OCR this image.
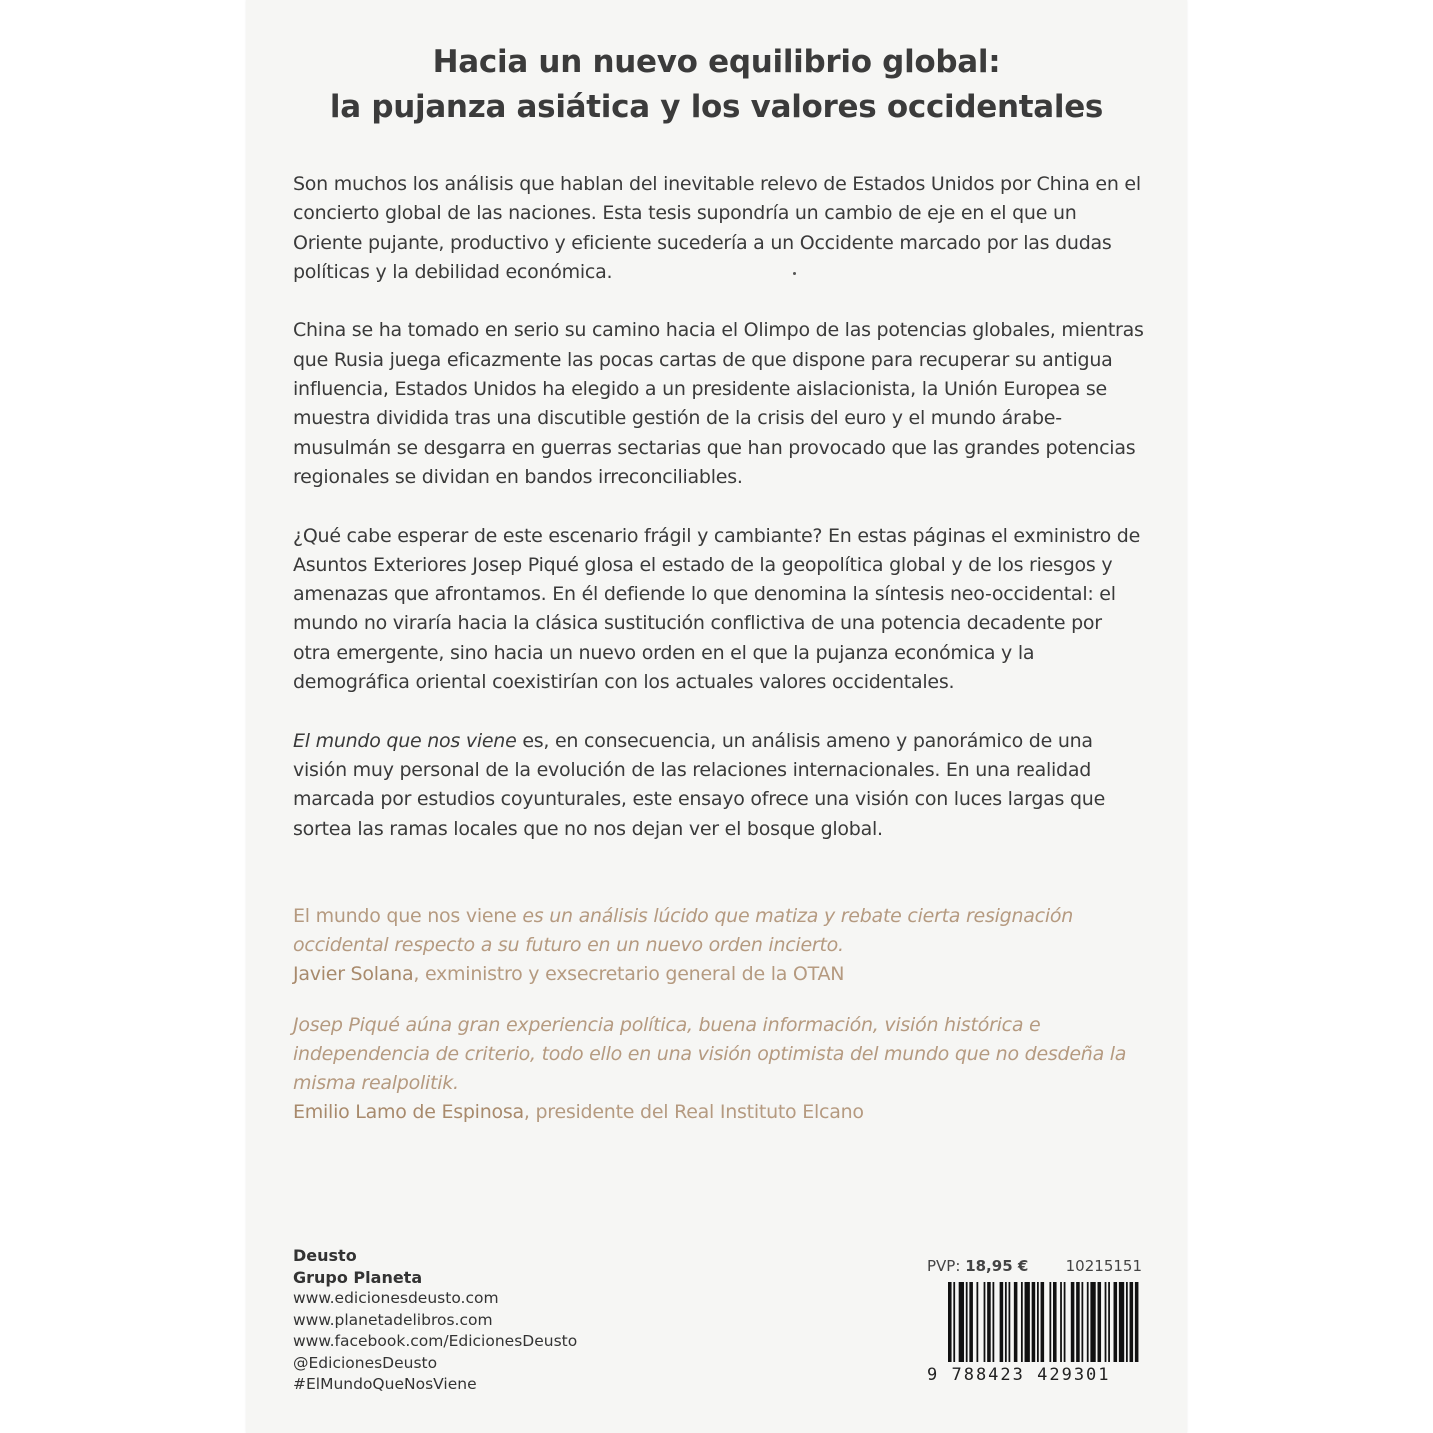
Hacia un nuevo equilibrio global:
la pujanza asiática y los valores occidentales

Son muchos los análisis que hablan del inevitable relevo de Estados Unidos por China en el concierto global de las naciones. Esta tesis supondría un cambio de eje en el que un Oriente pujante, productivo y eficiente sucedería a un Occidente marcado por las dudas políticas y la debilidad económica.

China se ha tomado en serio su camino hacia el Olimpo de las potencias globales, mientras que Rusia juega eficazmente las pocas cartas de que dispone para recuperar su antigua influencia, Estados Unidos ha elegido a un presidente aislacionista, la Unión Europea se muestra dividida tras una discutible gestión de la crisis del euro y el mundo árabe-musulmán se desgarra en guerras sectarias que han provocado que las grandes potencias regionales se dividan en bandos irreconciliables.

¿Qué cabe esperar de este escenario frágil y cambiante? En estas páginas el exministro de Asuntos Exteriores Josep Piqué glosa el estado de la geopolítica global y de los riesgos y amenazas que afrontamos. En él defiende lo que denomina la síntesis neo-occidental: el mundo no viraría hacia la clásica sustitución conflictiva de una potencia decadente por otra emergente, sino hacia un nuevo orden en el que la pujanza económica y la demográfica oriental coexistirían con los actuales valores occidentales.

El mundo que nos viene es, en consecuencia, un análisis ameno y panorámico de una visión muy personal de la evolución de las relaciones internacionales. En una realidad marcada por estudios coyunturales, este ensayo ofrece una visión con luces largas que sortea las ramas locales que no nos dejan ver el bosque global.

El mundo que nos viene es un análisis lúcido que matiza y rebate cierta resignación occidental respecto a su futuro en un nuevo orden incierto.
Javier Solana, exministro y exsecretario general de la OTAN
Josep Piqué aúna gran experiencia política, buena información, visión histórica e independencia de criterio, todo ello en una visión optimista del mundo que no desdeña la misma realpolitik.
Emilio Lamo de Espinosa, presidente del Real Instituto Elcano
Deusto
Grupo Planeta
www.edicionesdeusto.com
www.planetadelibros.com
www.facebook.com/EdicionesDeusto
@EdicionesDeusto
#ElMundoQueNosViene
PVP: 18,95 € 10215151
9 788423 429301
